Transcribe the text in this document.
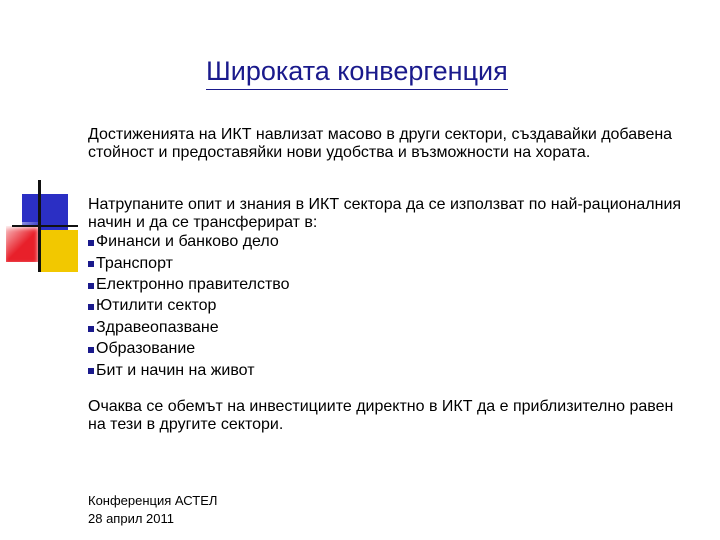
Широката конвергенция

Достиженията на ИКТ навлизат масово в други сектори, създавайки добавена стойност и предоставяйки нови удобства и възможности на хората.

Натрупаните опит и знания в ИКТ сектора да се използват по най-рационалния начин и да се трансферират в:

Финанси и банково дело
Транспорт
Електронно правителство
Ютилити сектор
Здравеопазване
Образование
Бит и начин на живот

Очаква се обемът на инвестициите директно в ИКТ да е приблизително равен на тези в другите сектори.

Конференция АСТЕЛ
28 април 2011
